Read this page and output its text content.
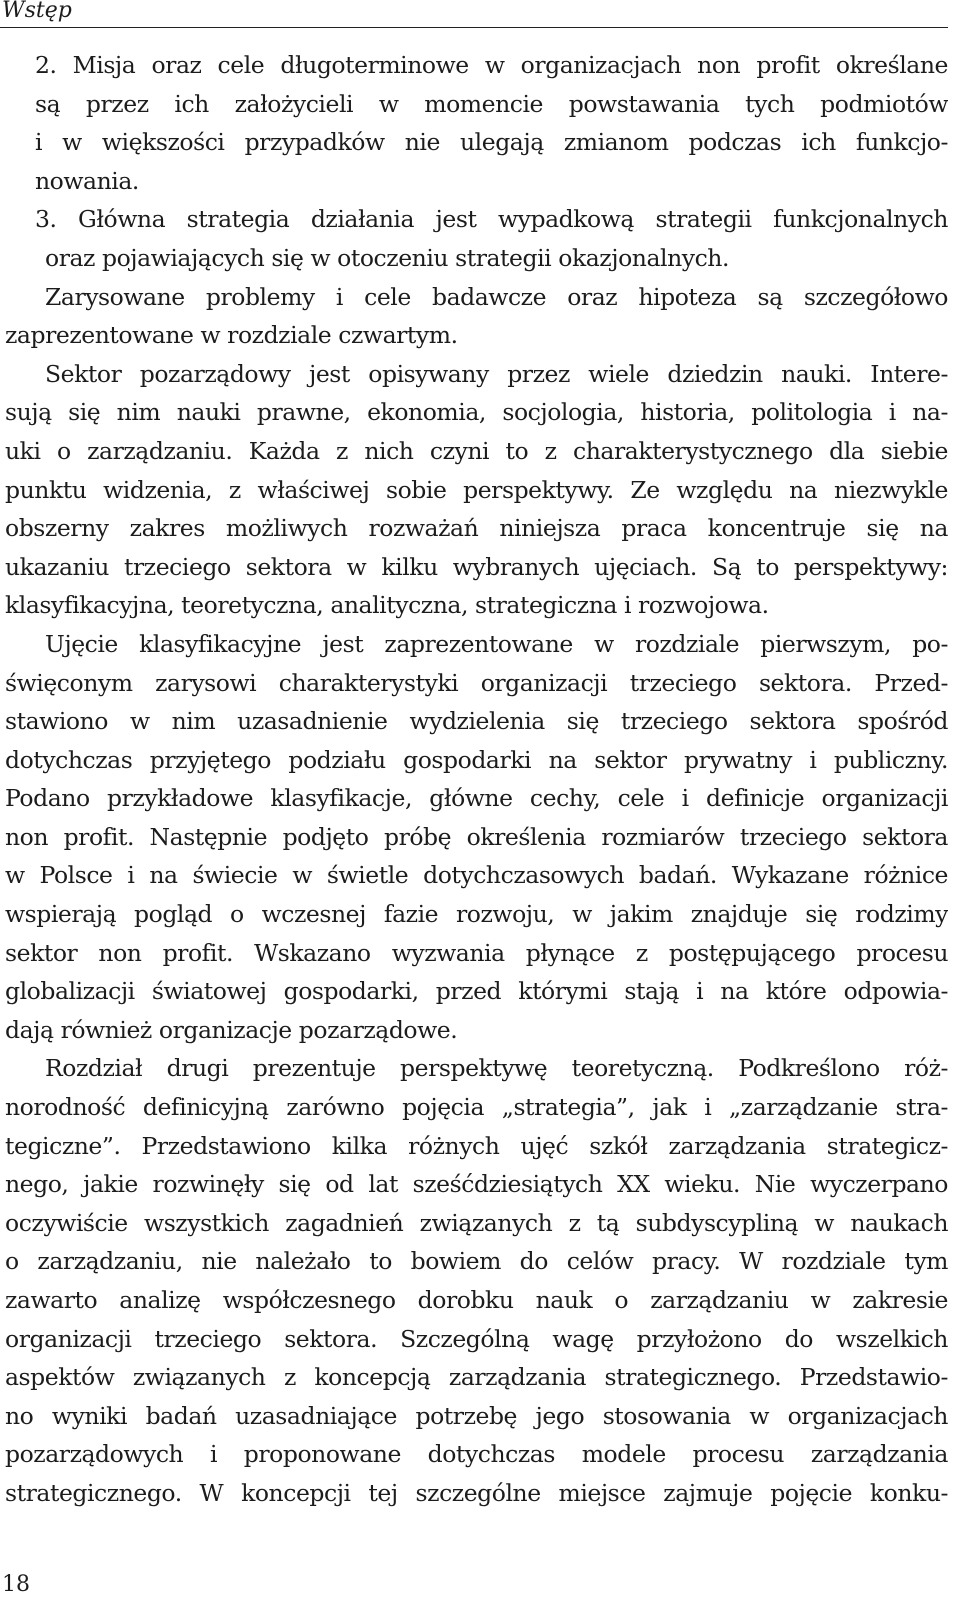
Wstęp
2. Misja oraz cele długoterminowe w organizacjach non profit określane
są przez ich założycieli w momencie powstawania tych podmiotów
i w większości przypadków nie ulegają zmianom podczas ich funkcjo-
nowania.
3. Główna strategia działania jest wypadkową strategii funkcjonalnych
oraz pojawiających się w otoczeniu strategii okazjonalnych.
Zarysowane problemy i cele badawcze oraz hipoteza są szczegółowo
zaprezentowane w rozdziale czwartym.
Sektor pozarządowy jest opisywany przez wiele dziedzin nauki. Intere-
sują się nim nauki prawne, ekonomia, socjologia, historia, politologia i na-
uki o zarządzaniu. Każda z nich czyni to z charakterystycznego dla siebie
punktu widzenia, z właściwej sobie perspektywy. Ze względu na niezwykle
obszerny zakres możliwych rozważań niniejsza praca koncentruje się na
ukazaniu trzeciego sektora w kilku wybranych ujęciach. Są to perspektywy:
klasyfikacyjna, teoretyczna, analityczna, strategiczna i rozwojowa.
Ujęcie klasyfikacyjne jest zaprezentowane w rozdziale pierwszym, po-
święconym zarysowi charakterystyki organizacji trzeciego sektora. Przed-
stawiono w nim uzasadnienie wydzielenia się trzeciego sektora spośród
dotychczas przyjętego podziału gospodarki na sektor prywatny i publiczny.
Podano przykładowe klasyfikacje, główne cechy, cele i definicje organizacji
non profit. Następnie podjęto próbę określenia rozmiarów trzeciego sektora
w Polsce i na świecie w świetle dotychczasowych badań. Wykazane różnice
wspierają pogląd o wczesnej fazie rozwoju, w jakim znajduje się rodzimy
sektor non profit. Wskazano wyzwania płynące z postępującego procesu
globalizacji światowej gospodarki, przed którymi stają i na które odpowia-
dają również organizacje pozarządowe.
Rozdział drugi prezentuje perspektywę teoretyczną. Podkreślono róż-
norodność definicyjną zarówno pojęcia „strategia”, jak i „zarządzanie stra-
tegiczne”. Przedstawiono kilka różnych ujęć szkół zarządzania strategicz-
nego, jakie rozwinęły się od lat sześćdziesiątych XX wieku. Nie wyczerpano
oczywiście wszystkich zagadnień związanych z tą subdyscypliną w naukach
o zarządzaniu, nie należało to bowiem do celów pracy. W rozdziale tym
zawarto analizę współczesnego dorobku nauk o zarządzaniu w zakresie
organizacji trzeciego sektora. Szczególną wagę przyłożono do wszelkich
aspektów związanych z koncepcją zarządzania strategicznego. Przedstawio-
no wyniki badań uzasadniające potrzebę jego stosowania w organizacjach
pozarządowych i proponowane dotychczas modele procesu zarządzania
strategicznego. W koncepcji tej szczególne miejsce zajmuje pojęcie konku-
18
